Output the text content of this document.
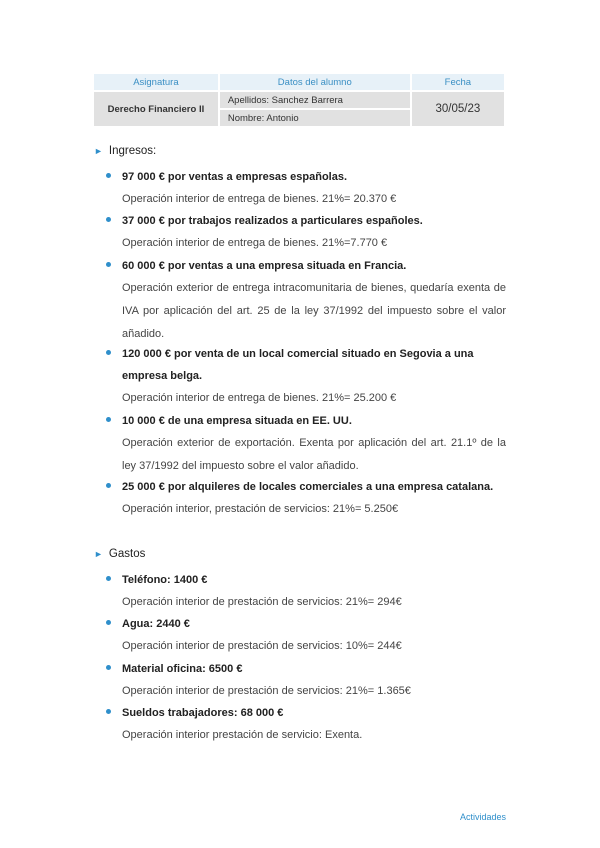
Asignatura	Datos del alumno	Fecha
Derecho Financiero II	Apellidos: Sanchez Barrera	30/05/23
	Nombre: Antonio	
► Ingresos:
97 000 € por ventas a empresas españolas.
Operación interior de entrega de bienes. 21%= 20.370 €
37 000 € por trabajos realizados a particulares españoles.
Operación interior de entrega de bienes. 21%=7.770 €
60 000 € por ventas a una empresa situada en Francia.
Operación exterior de entrega intracomunitaria de bienes, quedaría exenta de IVA por aplicación del art. 25 de la ley 37/1992 del impuesto sobre el valor añadido.
120 000 € por venta de un local comercial situado en Segovia a una empresa belga.
Operación interior de entrega de bienes. 21%= 25.200 €
10 000 € de una empresa situada en EE. UU.
Operación exterior de exportación. Exenta por aplicación del art. 21.1º de la ley 37/1992 del impuesto sobre el valor añadido.
25 000 € por alquileres de locales comerciales a una empresa catalana.
Operación interior, prestación de servicios: 21%= 5.250€
► Gastos
Teléfono: 1400 €
Operación interior de prestación de servicios: 21%= 294€
Agua: 2440 €
Operación interior de prestación de servicios: 10%= 244€
Material oficina: 6500 €
Operación interior de prestación de servicios: 21%= 1.365€
Sueldos trabajadores: 68 000 €
Operación interior prestación de servicio: Exenta.
Actividades
